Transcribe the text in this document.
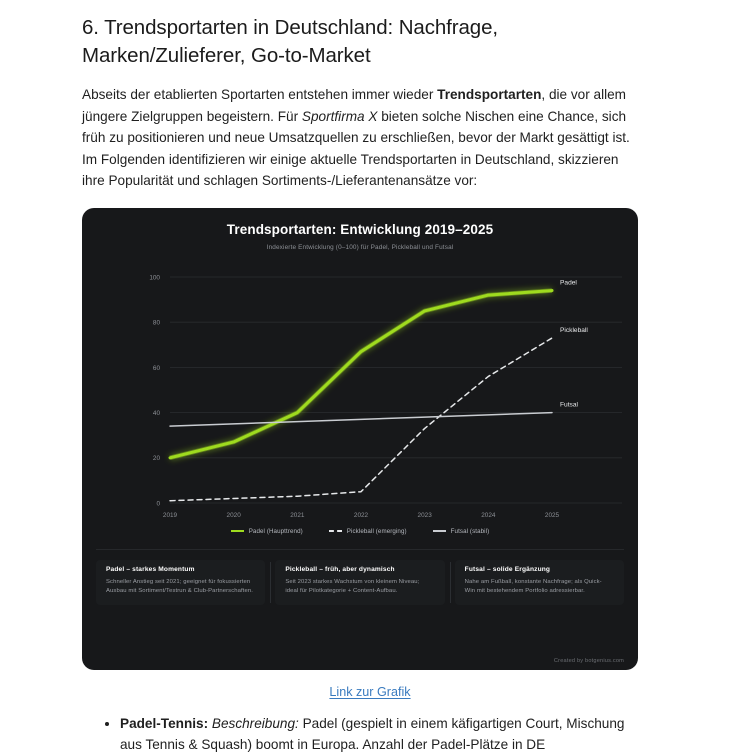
6. Trendsportarten in Deutschland: Nachfrage, Marken/Zulieferer, Go-to-Market

Abseits der etablierten Sportarten entstehen immer wieder Trendsportarten, die vor allem jüngere Zielgruppen begeistern. Für Sportfirma X bieten solche Nischen eine Chance, sich früh zu positionieren und neue Umsatzquellen zu erschließen, bevor der Markt gesättigt ist. Im Folgenden identifizieren wir einige aktuelle Trendsportarten in Deutschland, skizzieren ihre Popularität und schlagen Sortiments-/Lieferantenansätze vor:

Trendsportarten: Entwicklung 2019–2025
Indexierte Entwicklung (0–100) für Padel, Pickleball und Futsal
0
20
40
60
80
100
2019	2020	2021	2022	2023	2024	2025
Padel
Pickleball
Futsal
Padel (Haupttrend)	Pickleball (emerging)	Futsal (stabil)
Padel – starkes Momentum
Schneller Anstieg seit 2021; geeignet für fokussierten Ausbau mit Sortiment/Testrun & Club-Partnerschaften.
Pickleball – früh, aber dynamisch
Seit 2023 starkes Wachstum von kleinem Niveau; ideal für Pilotkategorie + Content-Aufbau.
Futsal – solide Ergänzung
Nahe am Fußball, konstante Nachfrage; als Quick-Win mit bestehendem Portfolio adressierbar.
Created by botgenius.com
Link zur Grafik
• Padel-Tennis: Beschreibung: Padel (gespielt in einem käfigartigen Court, Mischung aus Tennis & Squash) boomt in Europa. Anzahl der Padel-Plätze in DE
